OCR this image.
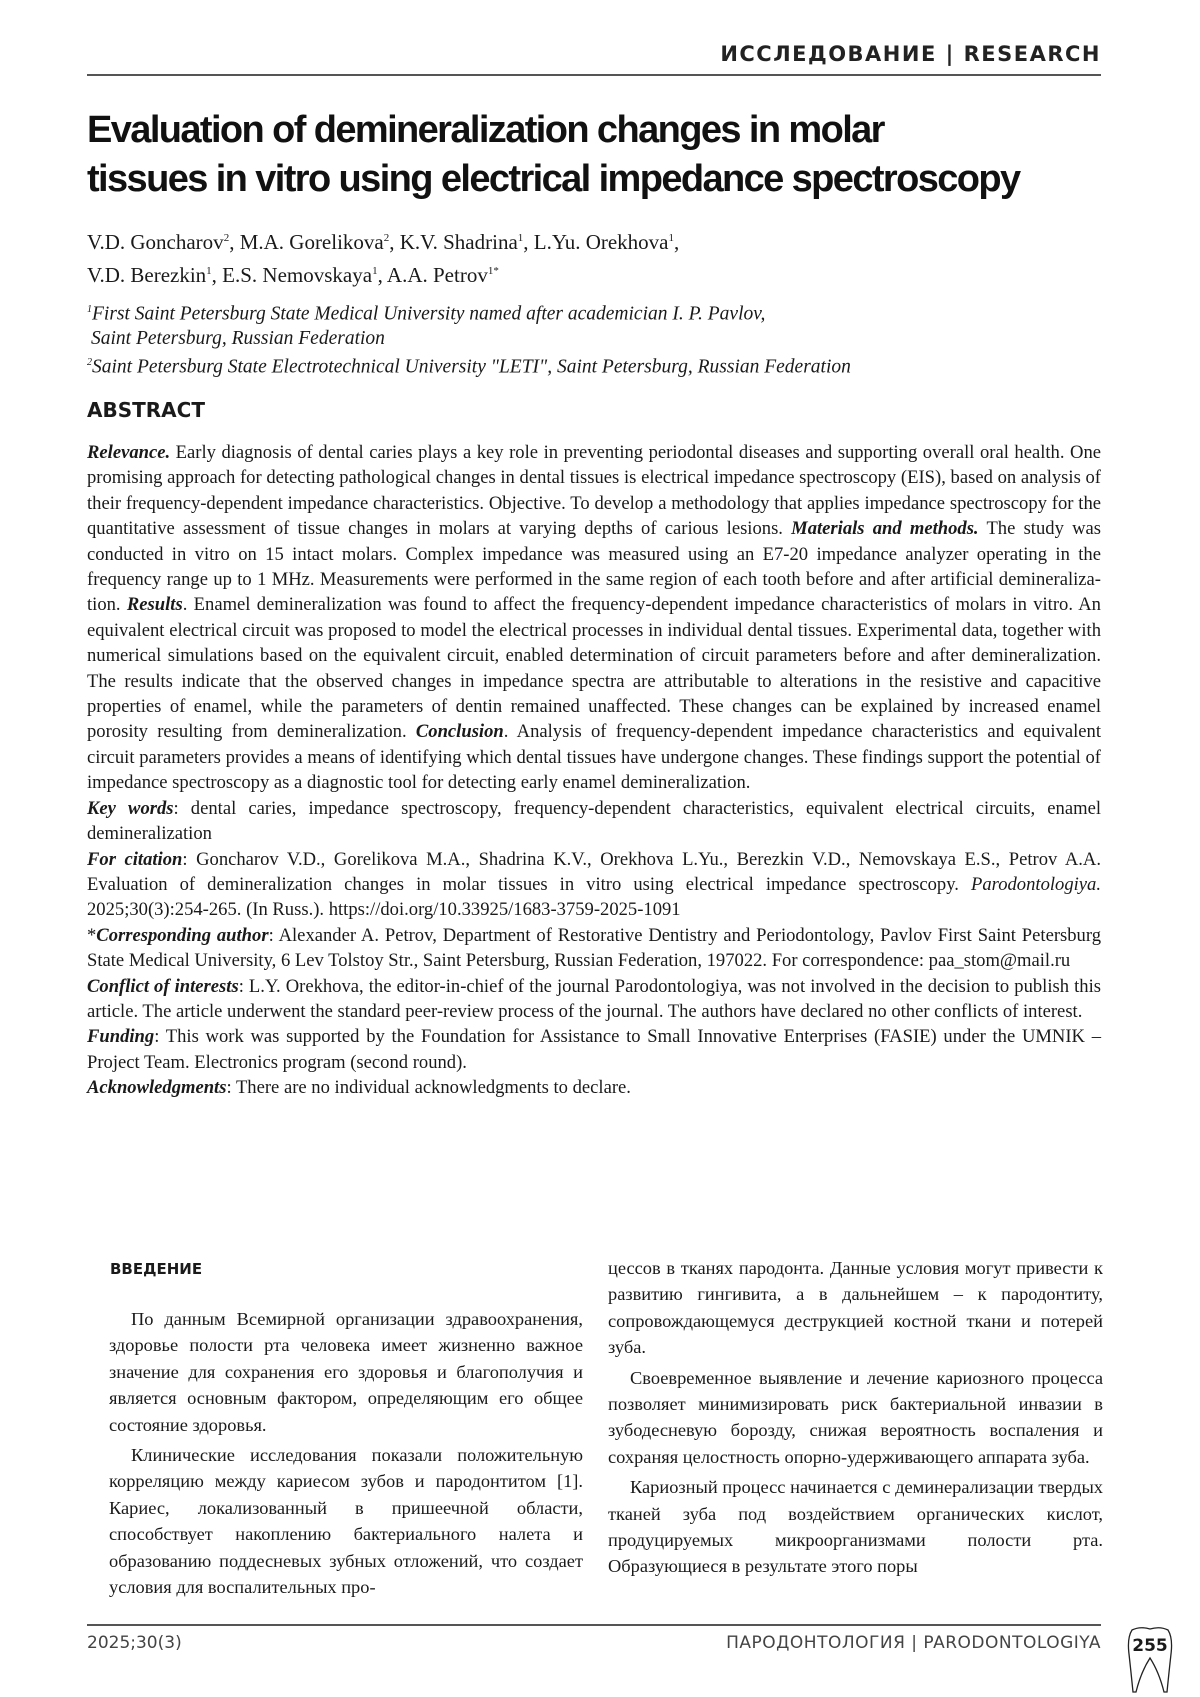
ИССЛЕДОВАНИЕ | RESEARCH
Evaluation of demineralization changes in molar
tissues in vitro using electrical impedance spectroscopy
V.D. Goncharov2, M.A. Gorelikova2, K.V. Shadrina1, L.Yu. Orekhova1,
V.D. Berezkin1, E.S. Nemovskaya1, A.A. Petrov1*
1First Saint Petersburg State Medical University named after academician I. P. Pavlov,
Saint Petersburg, Russian Federation
2Saint Petersburg State Electrotechnical University "LETI", Saint Petersburg, Russian Federation
ABSTRACT

Relevance. Early diagnosis of dental caries plays a key role in preventing periodontal diseases and supporting over­all oral health. One promising approach for detecting pathological changes in dental tissues is electrical imped­ance spectroscopy (EIS), based on analysis of their frequency-dependent impedance characteristics. Objective. To develop a methodology that applies impedance spectroscopy for the quantitative assessment of tissue changes in molars at varying depths of carious lesions. Materials and methods. The study was conducted in vitro on 15 intact molars. Complex impedance was measured using an E7-20 impedance analyzer operating in the frequency range up to 1 MHz. Measurements were performed in the same region of each tooth before and after artificial demineraliza­tion. Results. Enamel demineralization was found to affect the frequency-dependent impedance characteristics of molars in vitro. An equivalent electrical circuit was proposed to model the electrical processes in individual dental tissues. Experimental data, together with numerical simulations based on the equivalent circuit, enabled deter­mination of circuit parameters before and after demineralization. The results indicate that the observed changes in impedance spectra are attributable to alterations in the resistive and capacitive properties of enamel, while the parameters of dentin remained unaffected. These changes can be explained by increased enamel porosity resulting from demineralization. Conclusion. Analysis of frequency-dependent impedance characteristics and equivalent circuit parameters provides a means of identifying which dental tissues have undergone changes. These findings support the potential of impedance spectroscopy as a diagnostic tool for detecting early enamel demineralization.

Key words: dental caries, impedance spectroscopy, frequency-dependent characteristics, equivalent electrical cir­cuits, enamel demineralization

For citation: Goncharov V.D., Gorelikova M.A., Shadrina K.V., Orekhova L.Yu., Berezkin V.D., Nemovskaya E.S., Petrov A.A. Evaluation of demineralization changes in molar tissues in vitro using electrical impedance spectros­copy. Parodontologiya. 2025;30(3):254-265. (In Russ.). https://doi.org/10.33925/1683-3759-2025-1091

*Corresponding author: Alexander A. Petrov, Department of Restorative Dentistry and Periodontology, Pavlov First Saint Petersburg State Medical University, 6 Lev Tolstoy Str., Saint Petersburg, Russian Federation, 197022. For cor­respondence: paa_stom@mail.ru

Conflict of interests: L.Y. Orekhova, the editor-in-chief of the journal Parodontologiya, was not involved in the deci­sion to publish this article. The article underwent the standard peer-review process of the journal. The authors have declared no other conflicts of interest.

Funding: This work was supported by the Foundation for Assistance to Small Innovative Enterprises (FASIE) under the UMNIK – Project Team. Electronics program (second round).

Acknowledgments: There are no individual acknowledgments to declare.

ВВЕДЕНИЕ

По данным Всемирной организации здравоохра­нения, здоровье полости рта человека имеет жиз­ненно важное значение для сохранения его здоро­вья и благополучия и является основным фактором, определяющим его общее состояние здоровья.

Клинические исследования показали положитель­ную корреляцию между кариесом зубов и пародон­титом [1]. Кариес, локализованный в пришеечной области, способствует накоплению бактериального налета и образованию поддесневых зубных отложе­ний, что создает условия для воспалительных про-

цессов в тканях пародонта. Данные условия могут привести к развитию гингивита, а в дальнейшем – к пародонтиту, сопровождающемуся деструкцией костной ткани и потерей зуба.

Своевременное выявление и лечение кариозного процесса позволяет минимизировать риск бактери­альной инвазии в зубодесневую борозду, снижая ве­роятность воспаления и сохраняя целостность опор­но-удерживающего аппарата зуба.

Кариозный процесс начинается с деминерализа­ции твердых тканей зуба под воздействием органи­ческих кислот, продуцируемых микроорганизмами полости рта. Образующиеся в результате этого поры

2025;30(3)	ПАРОДОНТОЛОГИЯ | PARODONTOLOGIYA	255
